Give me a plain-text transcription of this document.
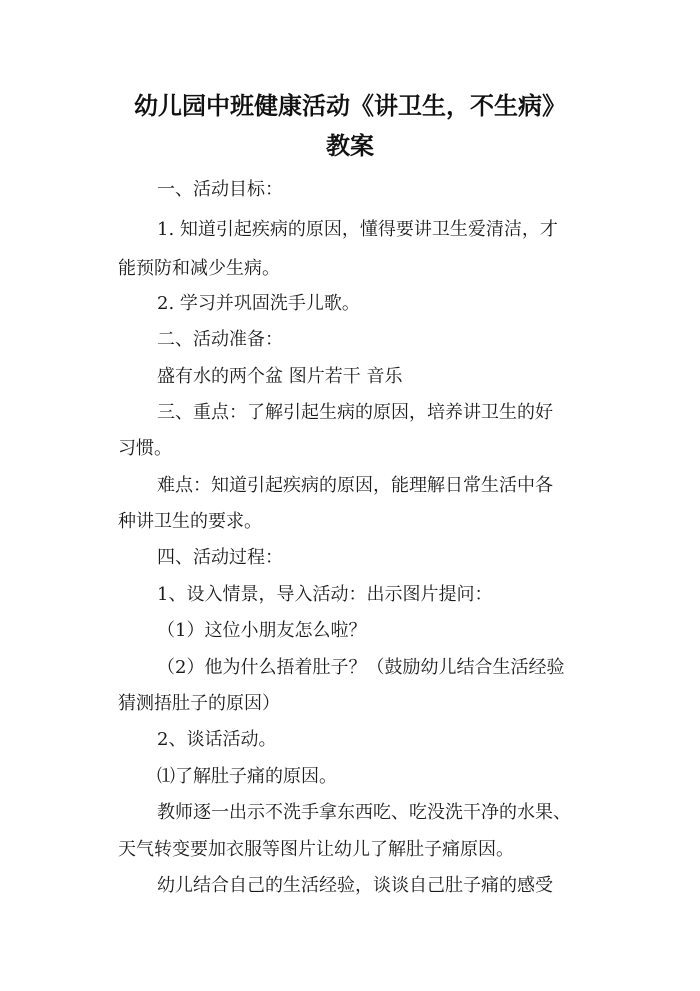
幼儿园中班健康活动《讲卫生，不生病》
教案
一、活动目标：
1. 知道引起疾病的原因，懂得要讲卫生爱清洁，才
能预防和减少生病。
2. 学习并巩固洗手儿歌。
二、活动准备：
盛有水的两个盆 图片若干 音乐
三、重点：了解引起生病的原因，培养讲卫生的好
习惯。
难点：知道引起疾病的原因，能理解日常生活中各
种讲卫生的要求。
四、活动过程：
1、设入情景，导入活动：出示图片提问：
（1）这位小朋友怎么啦？
（2）他为什么捂着肚子？（鼓励幼儿结合生活经验
猜测捂肚子的原因）
2、谈话活动。
⑴了解肚子痛的原因。
教师逐一出示不洗手拿东西吃、吃没洗干净的水果、
天气转变要加衣服等图片让幼儿了解肚子痛原因。
幼儿结合自己的生活经验，谈谈自己肚子痛的感受
